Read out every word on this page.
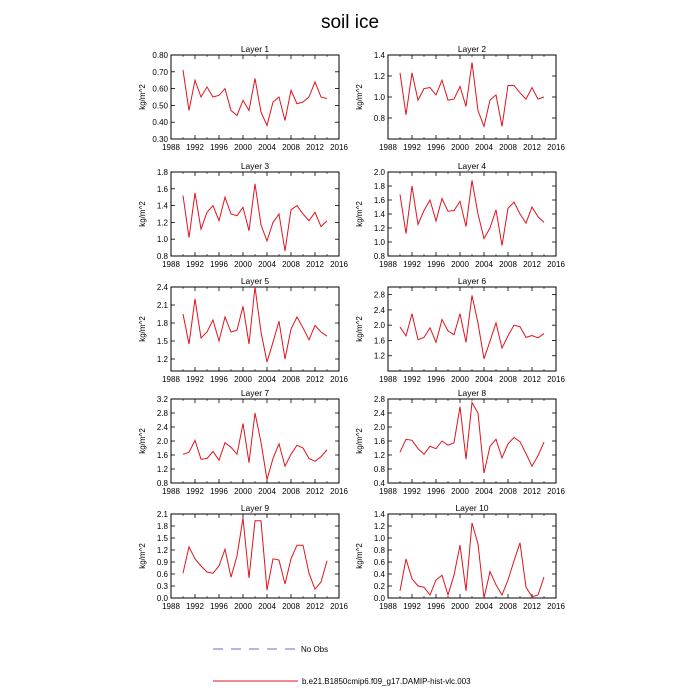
soil ice
Layer 1
1988 1992 1996 2000 2004 2008 2012 2016
0.30
0.40
0.50
0.60
0.70
0.80
kg/m^2
Layer 2
1988 1992 1996 2000 2004 2008 2012 2016
0.8
1.0
1.2
1.4
kg/m^2
Layer 3
1988 1992 1996 2000 2004 2008 2012 2016
0.8
1.0
1.2
1.4
1.6
1.8
kg/m^2
Layer 4
1988 1992 1996 2000 2004 2008 2012 2016
0.8
1.0
1.2
1.4
1.6
1.8
2.0
kg/m^2
Layer 5
1988 1992 1996 2000 2004 2008 2012 2016
1.2
1.5
1.8
2.1
2.4
kg/m^2
Layer 6
1988 1992 1996 2000 2004 2008 2012 2016
1.2
1.6
2.0
2.4
2.8
kg/m^2
Layer 7
1988 1992 1996 2000 2004 2008 2012 2016
0.8
1.2
1.6
2.0
2.4
2.8
3.2
kg/m^2
Layer 8
1988 1992 1996 2000 2004 2008 2012 2016
0.4
0.8
1.2
1.6
2.0
2.4
2.8
kg/m^2
Layer 9
1988 1992 1996 2000 2004 2008 2012 2016
0.0
0.3
0.6
0.9
1.2
1.5
1.8
2.1
kg/m^2
Layer 10
1988 1992 1996 2000 2004 2008 2012 2016
0.0
0.2
0.4
0.6
0.8
1.0
1.2
1.4
kg/m^2
No Obs
b.e21.B1850cmip6.f09_g17.DAMIP-hist-vlc.003
